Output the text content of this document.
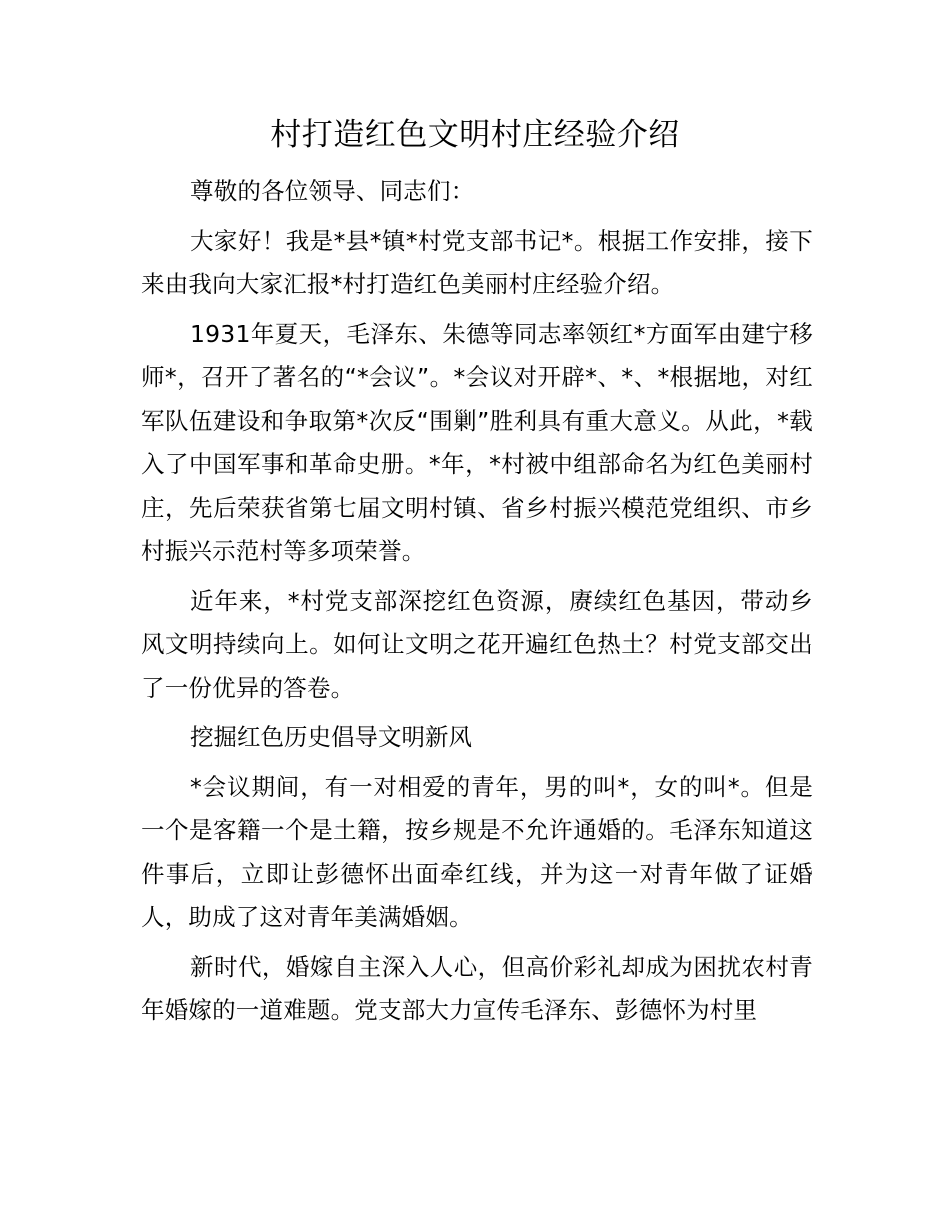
村打造红色文明村庄经验介绍

尊敬的各位领导、同志们：

大家好！我是*县*镇*村党支部书记*。根据工作安排，接下来由我向大家汇报*村打造红色美丽村庄经验介绍。

1931年夏天，毛泽东、朱德等同志率领红*方面军由建宁移师*，召开了著名的“*会议”。*会议对开辟*、*、*根据地，对红军队伍建设和争取第*次反“围剿”胜利具有重大意义。从此，*载入了中国军事和革命史册。*年，*村被中组部命名为红色美丽村庄，先后荣获省第七届文明村镇、省乡村振兴模范党组织、市乡村振兴示范村等多项荣誉。

近年来，*村党支部深挖红色资源，赓续红色基因，带动乡风文明持续向上。如何让文明之花开遍红色热土？村党支部交出了一份优异的答卷。

挖掘红色历史倡导文明新风

*会议期间，有一对相爱的青年，男的叫*，女的叫*。但是一个是客籍一个是土籍，按乡规是不允许通婚的。毛泽东知道这件事后，立即让彭德怀出面牵红线，并为这一对青年做了证婚人，助成了这对青年美满婚姻。

新时代，婚嫁自主深入人心，但高价彩礼却成为困扰农村青年婚嫁的一道难题。党支部大力宣传毛泽东、彭德怀为村里
